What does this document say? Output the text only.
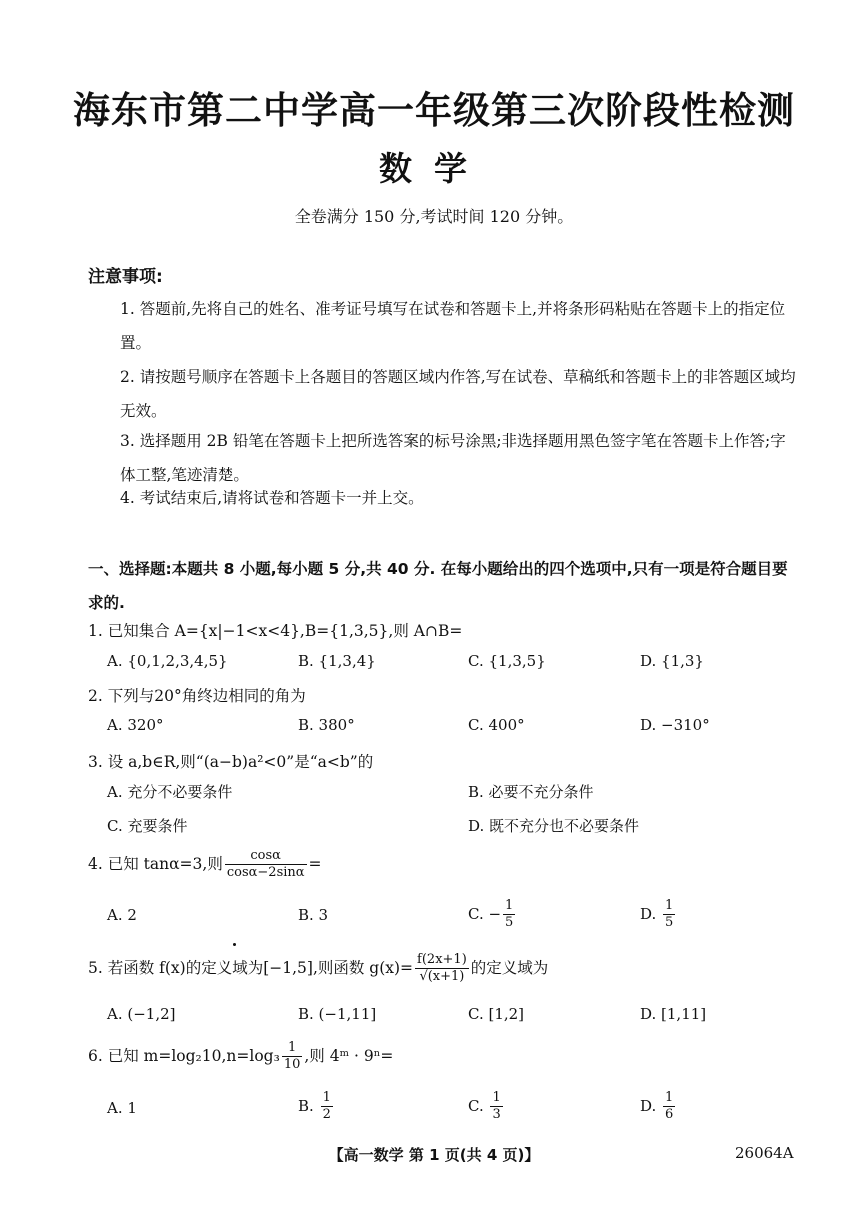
海东市第二中学高一年级第三次阶段性检测
数学
全卷满分 150 分,考试时间 120 分钟。
注意事项:
1. 答题前,先将自己的姓名、准考证号填写在试卷和答题卡上,并将条形码粘贴在答题卡上的指定位置。
2. 请按题号顺序在答题卡上各题目的答题区域内作答,写在试卷、草稿纸和答题卡上的非答题区域均无效。
3. 选择题用 2B 铅笔在答题卡上把所选答案的标号涂黑;非选择题用黑色签字笔在答题卡上作答;字体工整,笔迹清楚。
4. 考试结束后,请将试卷和答题卡一并上交。
一、选择题:本题共 8 小题,每小题 5 分,共 40 分. 在每小题给出的四个选项中,只有一项是符合题目要求的.
1. 已知集合 A={x|−1<x<4},B={1,3,5},则 A∩B=
A. {0,1,2,3,4,5}	B. {1,3,4}	C. {1,3,5}	D. {1,3}
2. 下列与20°角终边相同的角为
A. 320°	B. 380°	C. 400°	D. −310°
3. 设 a,b∈R,则“(a−b)a²<0”是“a<b”的
A. 充分不必要条件	B. 必要不充分条件
C. 充要条件	D. 既不充分也不必要条件
4. 已知 tanα=3,则 $\frac{\cos\alpha}{\cos\alpha-2\sin\alpha}$ =
A. 2	B. 3	C. − $\frac{1}{5}$	D. $\frac{1}{5}$
5. 若函数 f(x)的定义域为[−1,5],则函数 $g(x)= \frac{f(2x+1)}{√(x+1)}$ 的定义域为
A. (−1,2]	B. (−1,11]	C. [1,2]	D. [1,11]
6. 已知 $m=\log_210,n=\log_3 \frac{1}{10}$ ,则 4ᵐ · 9ⁿ=
A. 1	B. $\frac{1}{2}$	C. $\frac{1}{3}$	D. $\frac{1}{6}$
【高一数学 第 1 页(共 4 页)】	26064A
